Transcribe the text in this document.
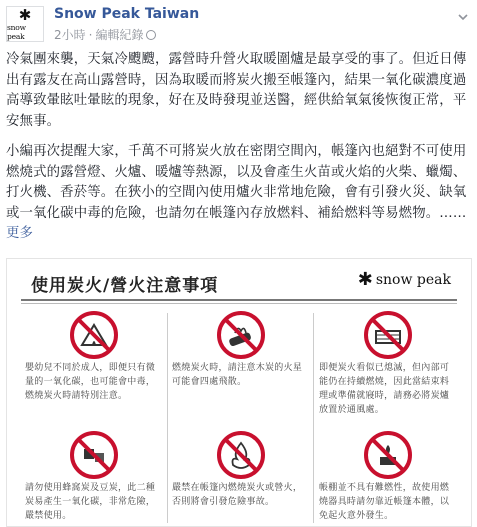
✱
snow peak
Snow Peak Taiwan
2小時 · 編輯紀錄

冷氣團來襲，天氣冷颼颼，露營時升營火取暖圍爐是最享受的事了。但近日傳出有露友在高山露營時，因為取暖而將炭火搬至帳篷內，結果一氧化碳濃度過高導致暈眩吐暈眩的現象，好在及時發現並送醫，經供給氧氣後恢復正常，平安無事。

小編再次提醒大家，千萬不可將炭火放在密閉空間內，帳篷內也絕對不可使用燃燒式的露營燈、火爐、暖爐等熱源，以及會產生火苗或火焰的火柴、蠟燭、打火機、香菸等。在狹小的空間內使用爐火非常地危險，會有引發火災、缺氧或一氧化碳中毒的危險，也請勿在帳篷內存放燃料、補給燃料等易燃物。…… 更多

使用炭火/營火注意事項	✱ snow peak
嬰幼兒不同於成人，即便只有微量的一氧化碳，也可能會中毒，燃燒炭火時請特別注意。
燃燒炭火時，請注意木炭的火星可能會四處飛散。
即便炭火看似已熄滅，但內部可能仍在持續燃燒，因此當結束料理或準備就寢時，請務必將炭爐放置於通風處。
請勿使用蜂窩炭及豆炭，此二種炭易產生一氧化碳，非常危險，嚴禁使用。
嚴禁在帳篷內燃燒炭火或營火，否則將會引發危險事故。
帳棚並不具有難燃性，故使用燃燒器具時請勿靠近帳篷本體，以免起火意外發生。
